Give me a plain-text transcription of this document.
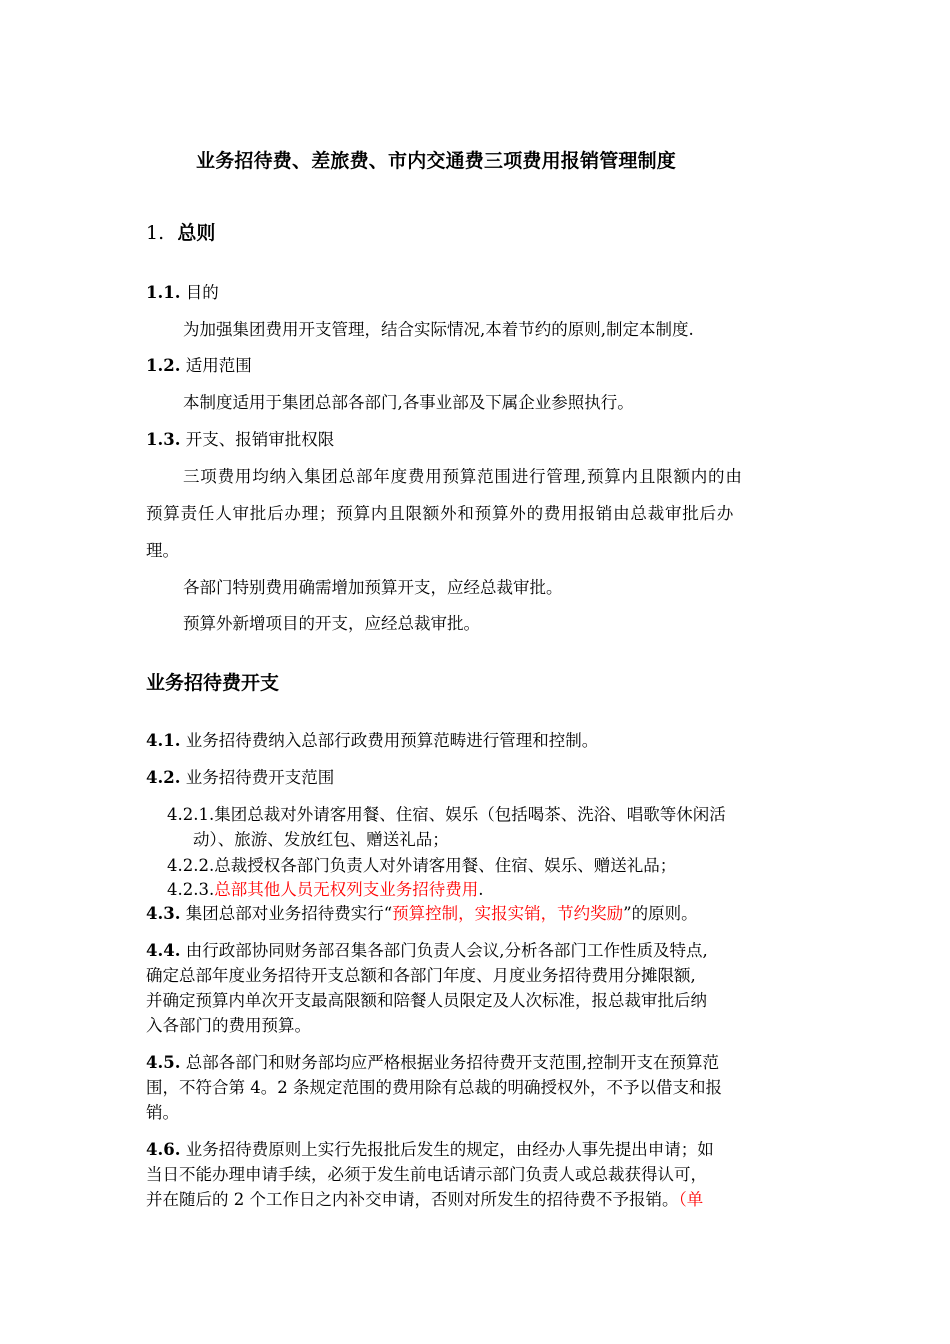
业务招待费、差旅费、市内交通费三项费用报销管理制度
1. 总则
1.1. 目的
为加强集团费用开支管理，结合实际情况,本着节约的原则,制定本制度.
1.2. 适用范围
本制度适用于集团总部各部门,各事业部及下属企业参照执行。
1.3. 开支、报销审批权限
三项费用均纳入集团总部年度费用预算范围进行管理,预算内且限额内的由
预算责任人审批后办理；预算内且限额外和预算外的费用报销由总裁审批后办
理。
各部门特别费用确需增加预算开支，应经总裁审批。
预算外新增项目的开支，应经总裁审批。
业务招待费开支
4.1. 业务招待费纳入总部行政费用预算范畴进行管理和控制。
4.2. 业务招待费开支范围
4.2.1.集团总裁对外请客用餐、住宿、娱乐（包括喝茶、洗浴、唱歌等休闲活
动）、旅游、发放红包、赠送礼品；
4.2.2.总裁授权各部门负责人对外请客用餐、住宿、娱乐、赠送礼品；
4.2.3.总部其他人员无权列支业务招待费用.
4.3. 集团总部对业务招待费实行“预算控制，实报实销，节约奖励”的原则。
4.4. 由行政部协同财务部召集各部门负责人会议,分析各部门工作性质及特点,
确定总部年度业务招待开支总额和各部门年度、月度业务招待费用分摊限额,
并确定预算内单次开支最高限额和陪餐人员限定及人次标准，报总裁审批后纳
入各部门的费用预算。
4.5. 总部各部门和财务部均应严格根据业务招待费开支范围,控制开支在预算范
围，不符合第 4。2 条规定范围的费用除有总裁的明确授权外，不予以借支和报
销。
4.6. 业务招待费原则上实行先报批后发生的规定，由经办人事先提出申请；如
当日不能办理申请手续，必须于发生前电话请示部门负责人或总裁获得认可，
并在随后的 2 个工作日之内补交申请，否则对所发生的招待费不予报销。（单
